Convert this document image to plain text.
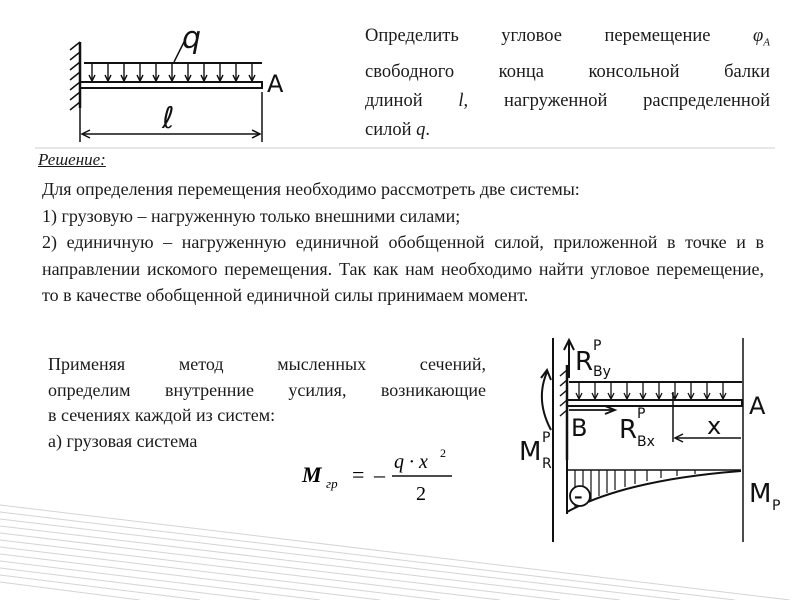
q
A
ℓ
Определить угловое перемещение $\varphi_A$
свободного конца консольной балки
длиной l, нагруженной распределенной
силой q.
Решение:
Для определения перемещения необходимо рассмотреть две системы:
1) грузовую – нагруженную только внешними силами;
2) единичную – нагруженную единичной обобщенной силой, приложенной в точке и в направлении искомого перемещения. Так как нам необходимо найти угловое перемещение, то в качестве обобщенной единичной силы принимаем момент.
Применяя метод мысленных сечений,
определим внутренние усилия, возникающие
в сечениях каждой из систем:
а) грузовая система
M гр = – q · x 2
2	–
R
P
By
R
P
Bx
B
A
x
M P
R
M P
